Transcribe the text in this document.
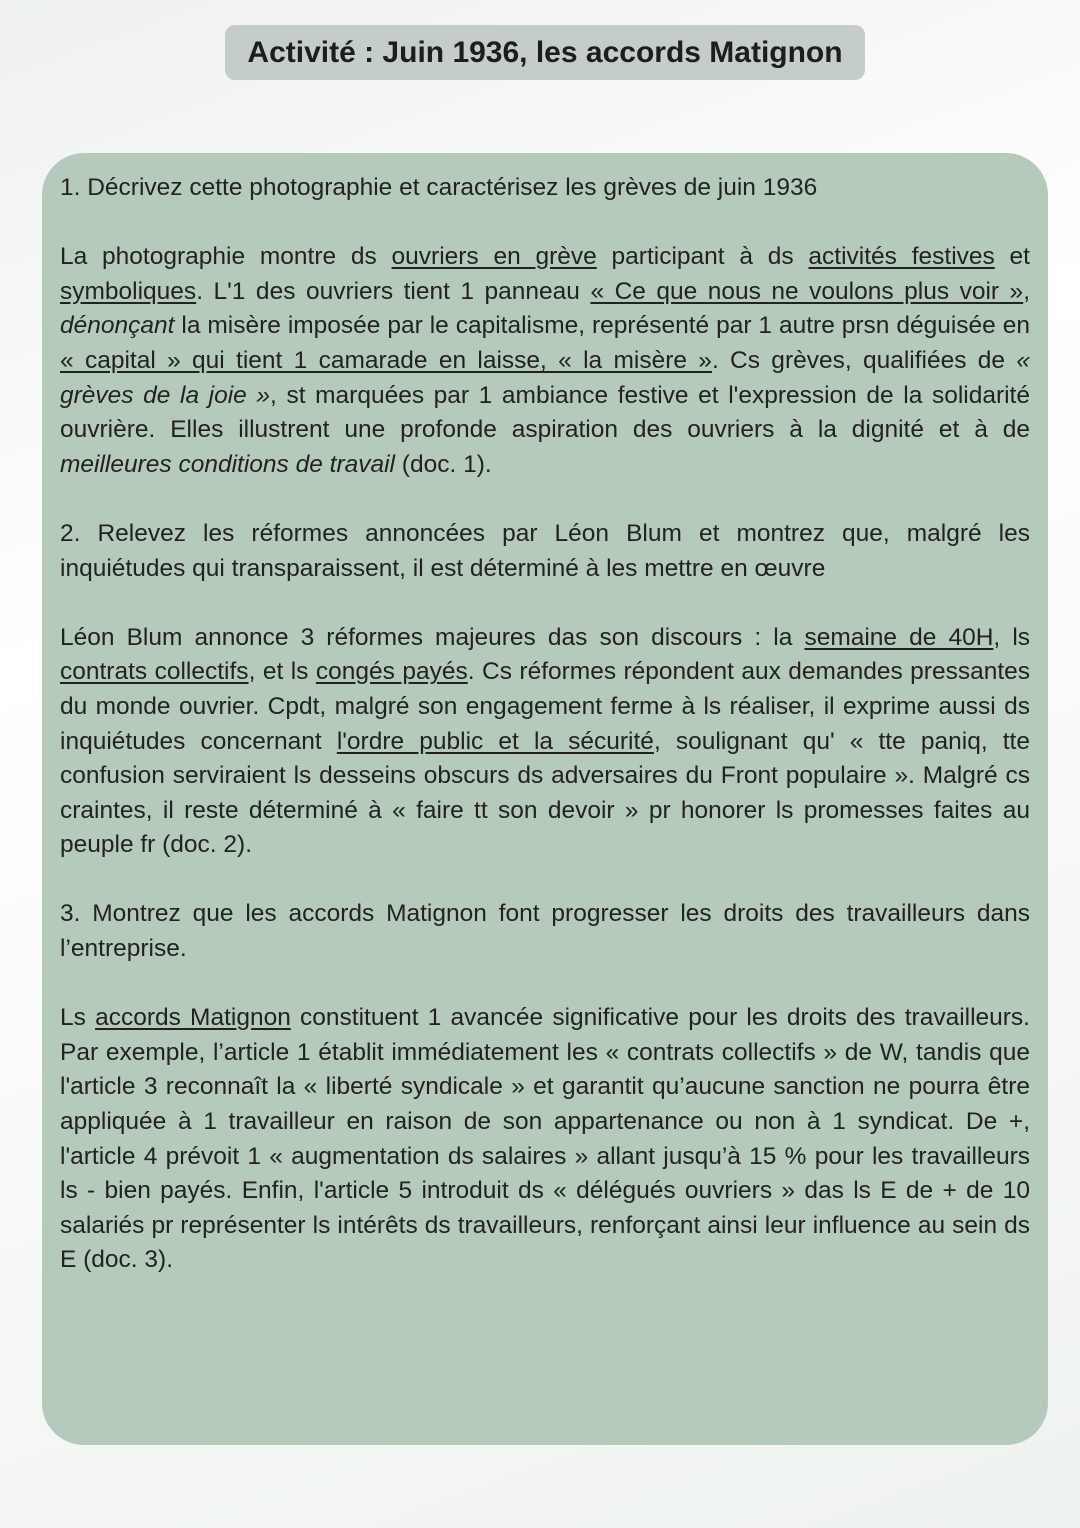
Activité : Juin 1936, les accords Matignon

1. Décrivez cette photographie et caractérisez les grèves de juin 1936

La photographie montre ds ouvriers en grève participant à ds activités festives et symboliques. L'1 des ouvriers tient 1 panneau « Ce que nous ne voulons plus voir », dénonçant la misère imposée par le capitalisme, représenté par 1 autre prsn déguisée en « capital » qui tient 1 camarade en laisse, « la misère ». Cs grèves, qualifiées de « grèves de la joie », st marquées par 1 ambiance festive et l'expression de la solidarité ouvrière. Elles illustrent une profonde aspiration des ouvriers à la dignité et à de meilleures conditions de travail (doc. 1).

2. Relevez les réformes annoncées par Léon Blum et montrez que, malgré les inquiétudes qui transparaissent, il est déterminé à les mettre en œuvre

Léon Blum annonce 3 réformes majeures das son discours : la semaine de 40H, ls contrats collectifs, et ls congés payés. Cs réformes répondent aux demandes pressantes du monde ouvrier. Cpdt, malgré son engagement ferme à ls réaliser, il exprime aussi ds inquiétudes concernant l'ordre public et la sécurité, soulignant qu' « tte paniq, tte confusion serviraient ls desseins obscurs ds adversaires du Front populaire ». Malgré cs craintes, il reste déterminé à « faire tt son devoir » pr honorer ls promesses faites au peuple fr (doc. 2).

3. Montrez que les accords Matignon font progresser les droits des travailleurs dans l’entreprise.

Ls accords Matignon constituent 1 avancée significative pour les droits des travailleurs. Par exemple, l’article 1 établit immédiatement les « contrats collectifs » de W, tandis que l'article 3 reconnaît la « liberté syndicale » et garantit qu’aucune sanction ne pourra être appliquée à 1 travailleur en raison de son appartenance ou non à 1 syndicat. De +, l'article 4 prévoit 1 « augmentation ds salaires » allant jusqu’à 15 % pour les travailleurs ls - bien payés. Enfin, l'article 5 introduit ds « délégués ouvriers » das ls E de + de 10 salariés pr représenter ls intérêts ds travailleurs, renforçant ainsi leur influence au sein ds E (doc. 3).
